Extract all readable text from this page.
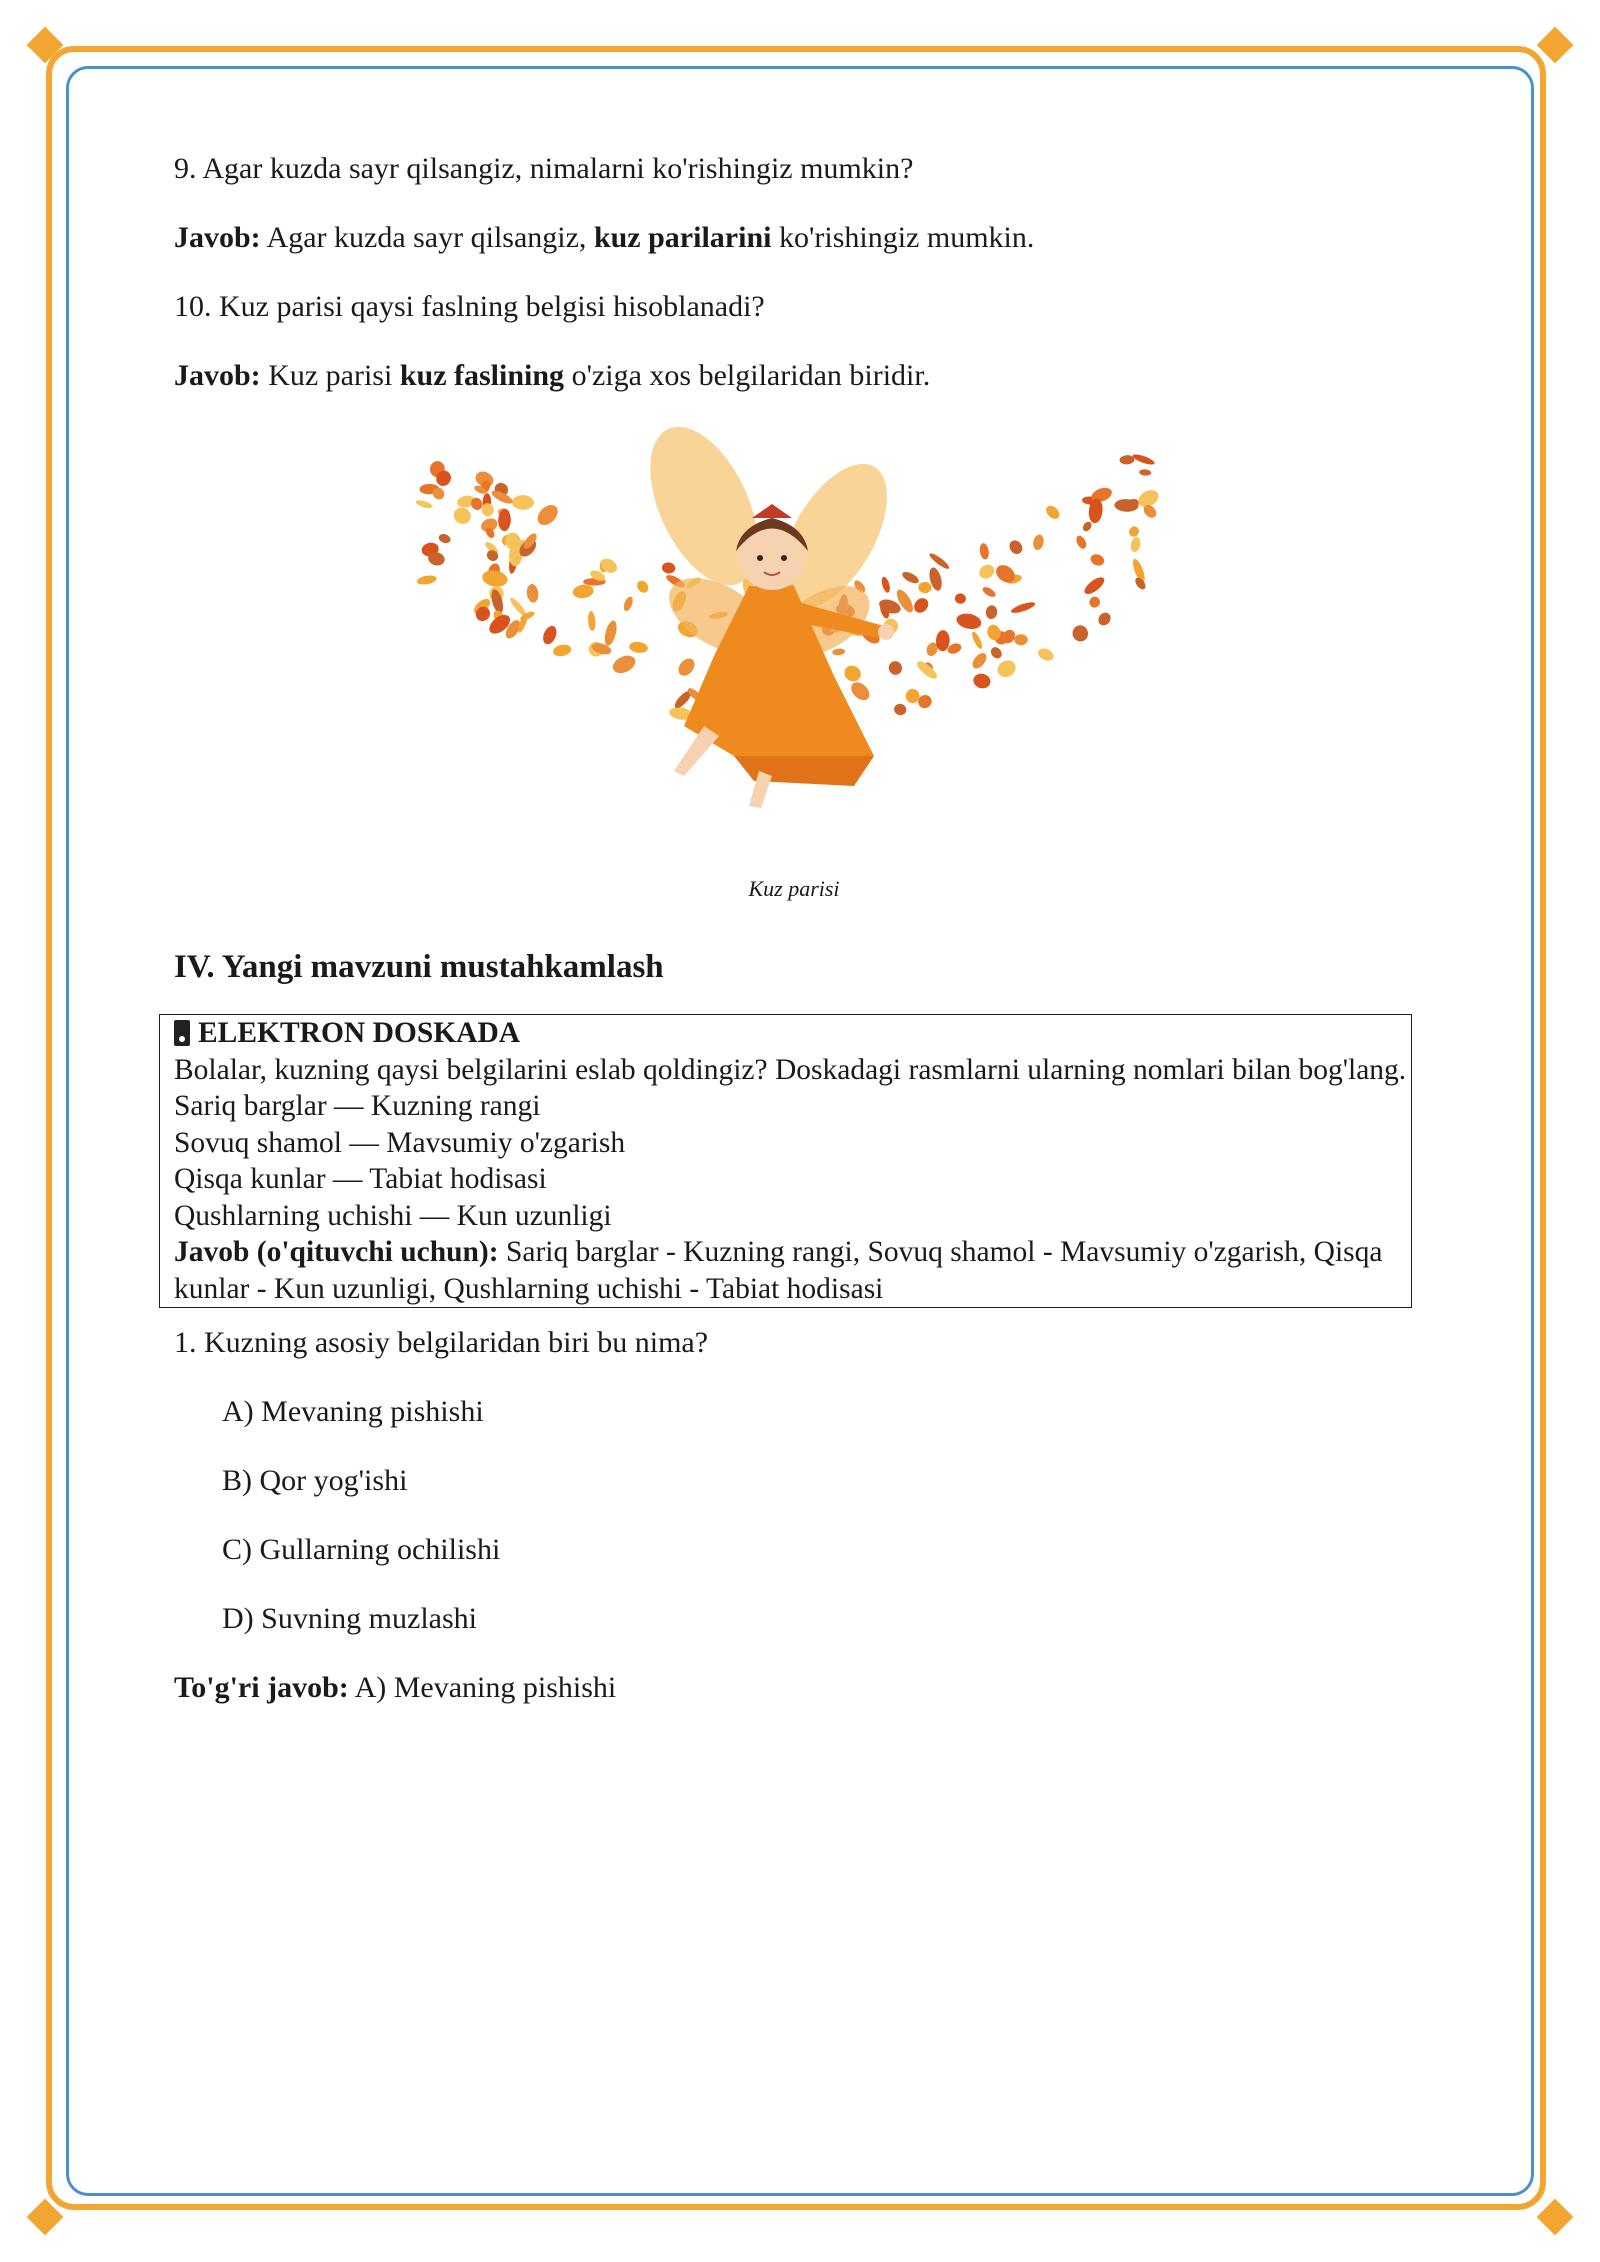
9. Agar kuzda sayr qilsangiz, nimalarni ko'rishingiz mumkin?

Javob: Agar kuzda sayr qilsangiz, kuz parilarini ko'rishingiz mumkin.

10. Kuz parisi qaysi faslning belgisi hisoblanadi?

Javob: Kuz parisi kuz faslining o'ziga xos belgilaridan biridir.

Kuz parisi

IV. Yangi mavzuni mustahkamlash
ELEKTRON DOSKADA

Bolalar, kuzning qaysi belgilarini eslab qoldingiz? Doskadagi rasmlarni ularning nomlari bilan bog'lang.

Sariq barglar — Kuzning rangi

Sovuq shamol — Mavsumiy o'zgarish

Qisqa kunlar — Tabiat hodisasi

Qushlarning uchishi — Kun uzunligi

Javob (o'qituvchi uchun): Sariq barglar - Kuzning rangi, Sovuq shamol - Mavsumiy o'zgarish, Qisqa kunlar - Kun uzunligi, Qushlarning uchishi - Tabiat hodisasi

1. Kuzning asosiy belgilaridan biri bu nima?

A) Mevaning pishishi

B) Qor yog'ishi

C) Gullarning ochilishi

D) Suvning muzlashi

To'g'ri javob: A) Mevaning pishishi
